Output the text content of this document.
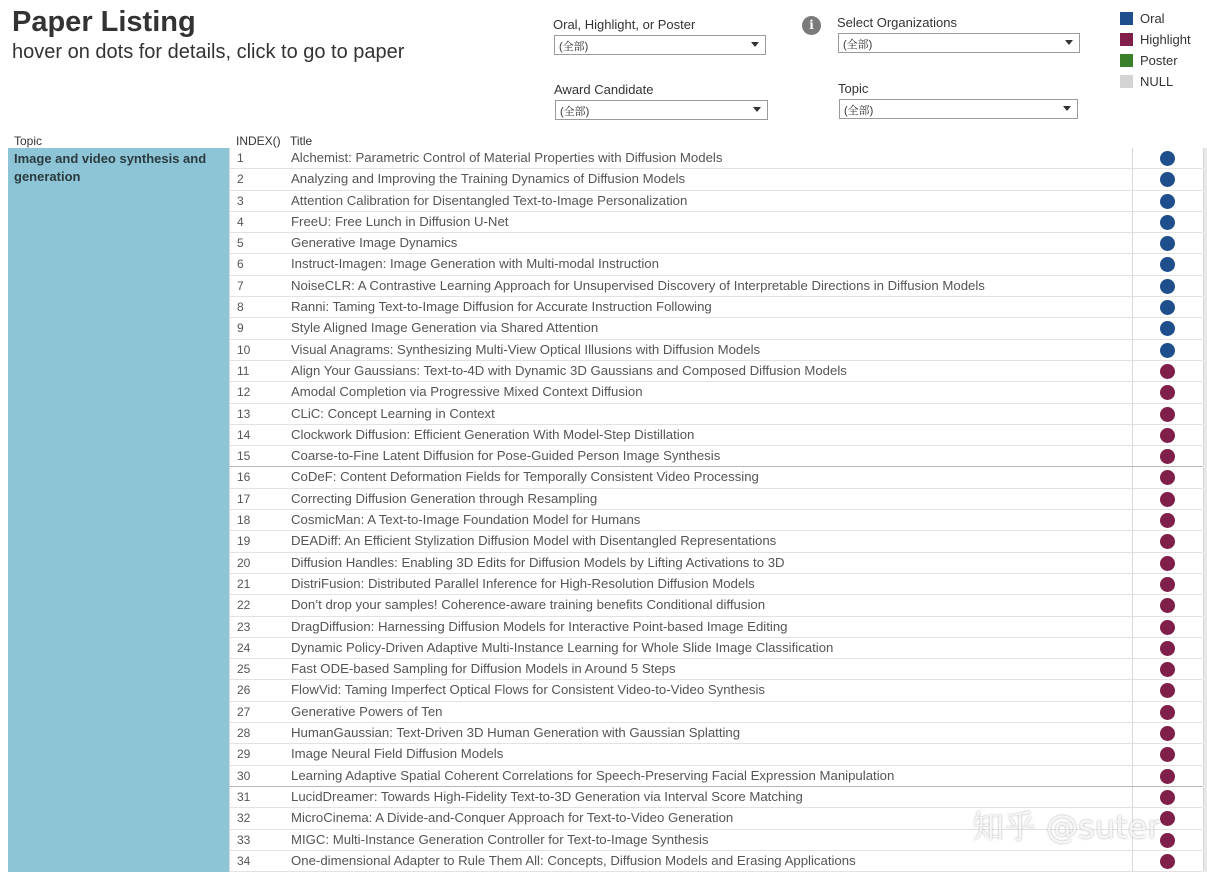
Paper Listing
hover on dots for details, click to go to paper
Oral, Highlight, or Poster
(全部)
i	Select Organizations
(全部)
Award Candidate
(全部)
Topic
(全部)
Oral
Highlight
Poster
NULL
Topic	INDEX() Title
Image and video synthesis and generation
1	Alchemist: Parametric Control of Material Properties with Diffusion Models
2	Analyzing and Improving the Training Dynamics of Diffusion Models
3	Attention Calibration for Disentangled Text-to-Image Personalization
4	FreeU: Free Lunch in Diffusion U-Net
5	Generative Image Dynamics
6	Instruct-Imagen: Image Generation with Multi-modal Instruction
7	NoiseCLR: A Contrastive Learning Approach for Unsupervised Discovery of Interpretable Directions in Diffusion Models
8	Ranni: Taming Text-to-Image Diffusion for Accurate Instruction Following
9	Style Aligned Image Generation via Shared Attention
10	Visual Anagrams: Synthesizing Multi-View Optical Illusions with Diffusion Models
11	Align Your Gaussians: Text-to-4D with Dynamic 3D Gaussians and Composed Diffusion Models
12	Amodal Completion via Progressive Mixed Context Diffusion
13	CLiC: Concept Learning in Context
14	Clockwork Diffusion: Efficient Generation With Model-Step Distillation
15	Coarse-to-Fine Latent Diffusion for Pose-Guided Person Image Synthesis
16	CoDeF: Content Deformation Fields for Temporally Consistent Video Processing
17	Correcting Diffusion Generation through Resampling
18	CosmicMan: A Text-to-Image Foundation Model for Humans
19	DEADiff: An Efficient Stylization Diffusion Model with Disentangled Representations
20	Diffusion Handles: Enabling 3D Edits for Diffusion Models by Lifting Activations to 3D
21	DistriFusion: Distributed Parallel Inference for High-Resolution Diffusion Models
22	Don’t drop your samples! Coherence-aware training benefits Conditional diffusion
23	DragDiffusion: Harnessing Diffusion Models for Interactive Point-based Image Editing
24	Dynamic Policy-Driven Adaptive Multi-Instance Learning for Whole Slide Image Classification
25	Fast ODE-based Sampling for Diffusion Models in Around 5 Steps
26	FlowVid: Taming Imperfect Optical Flows for Consistent Video-to-Video Synthesis
27	Generative Powers of Ten
28	HumanGaussian: Text-Driven 3D Human Generation with Gaussian Splatting
29	Image Neural Field Diffusion Models
30	Learning Adaptive Spatial Coherent Correlations for Speech-Preserving Facial Expression Manipulation
31	LucidDreamer: Towards High-Fidelity Text-to-3D Generation via Interval Score Matching
32	MicroCinema: A Divide-and-Conquer Approach for Text-to-Video Generation
33	MIGC: Multi-Instance Generation Controller for Text-to-Image Synthesis
34	One-dimensional Adapter to Rule Them All: Concepts, Diffusion Models and Erasing Applications
知乎 @suter
